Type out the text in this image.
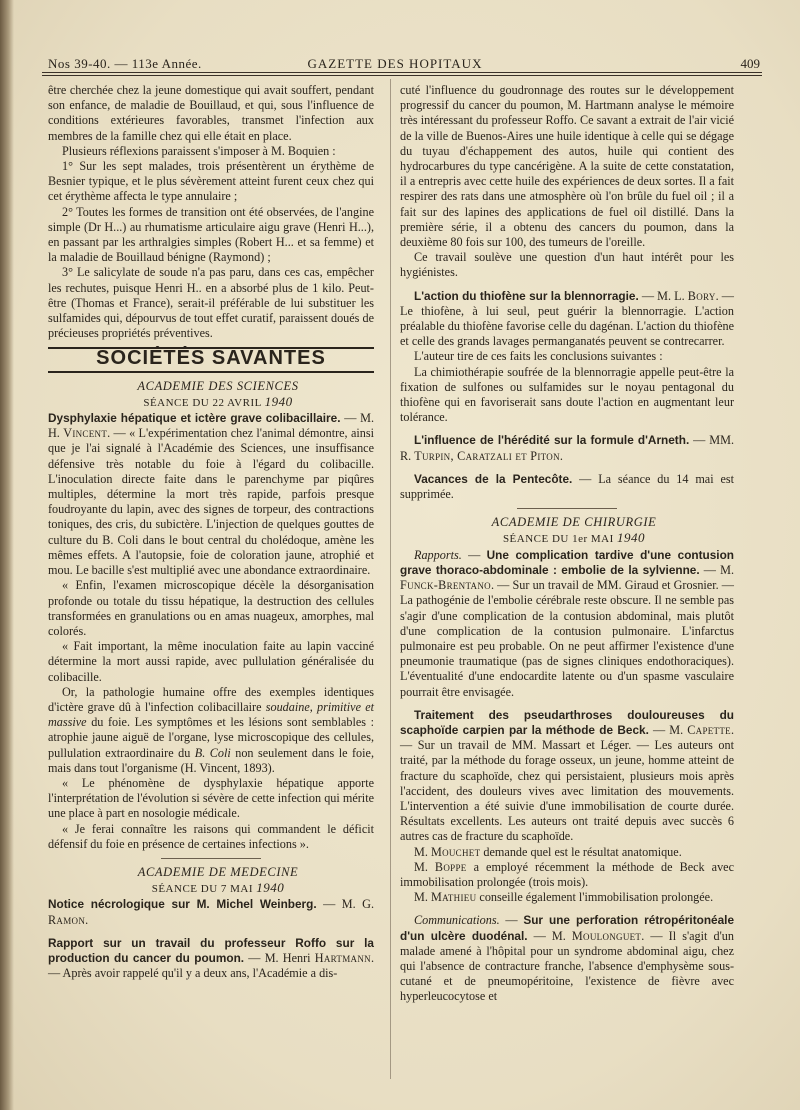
Nos 39-40. — 113e Année.	GAZETTE DES HOPITAUX	409

être cherchée chez la jeune domestique qui avait souffert, pendant son enfance, de maladie de Bouillaud, et qui, sous l'influence de conditions extérieures favorables, transmet l'infection aux membres de la famille chez qui elle était en place.

Plusieurs réflexions paraissent s'imposer à M. Boquien :

1° Sur les sept malades, trois présentèrent un érythème de Besnier typique, et le plus sévèrement atteint furent ceux chez qui cet érythème affecta le type annulaire ;

2° Toutes les formes de transition ont été observées, de l'angine simple (Dr H...) au rhumatisme articulaire aigu grave (Henri H...), en passant par les arthralgies simples (Robert H... et sa femme) et la maladie de Bouillaud bénigne (Raymond) ;

3° Le salicylate de soude n'a pas paru, dans ces cas, empêcher les rechutes, puisque Henri H.. en a absorbé plus de 1 kilo. Peut-être (Thomas et France), serait-il préférable de lui substituer les sulfamides qui, dépourvus de tout effet curatif, paraissent doués de précieuses propriétés préventives.

SOCIÉTÉS SAVANTES

ACADEMIE DES SCIENCES

SÉANCE DU 22 AVRIL 1940

Dysphylaxie hépatique et ictère grave colibacillaire. — M. H. Vincent. — « L'expérimentation chez l'animal démontre, ainsi que je l'ai signalé à l'Académie des Sciences, une insuffisance défensive très notable du foie à l'égard du colibacille. L'inoculation directe faite dans le parenchyme par piqûres multiples, détermine la mort très rapide, parfois presque foudroyante du lapin, avec des signes de torpeur, des contractions toniques, des cris, du subictère. L'injection de quelques gouttes de culture du B. Coli dans le bout central du cholédoque, amène les mêmes effets. A l'autopsie, foie de coloration jaune, atrophié et mou. Le bacille s'est multiplié avec une abondance extraordinaire.

« Enfin, l'examen microscopique décèle la désorganisation profonde ou totale du tissu hépatique, la destruction des cellules transformées en granulations ou en amas nuageux, amorphes, mal colorés.

« Fait important, la même inoculation faite au lapin vacciné détermine la mort aussi rapide, avec pullulation généralisée du colibacille.

Or, la pathologie humaine offre des exemples identiques d'ictère grave dû à l'infection colibacillaire soudaine, primitive et massive du foie. Les symptômes et les lésions sont semblables : atrophie jaune aiguë de l'organe, lyse microscopique des cellules, pullulation extraordinaire du B. Coli non seulement dans le foie, mais dans tout l'organisme (H. Vincent, 1893).

« Le phénomène de dysphylaxie hépatique apporte l'interprétation de l'évolution si sévère de cette infection qui mérite une place à part en nosologie médicale.

« Je ferai connaître les raisons qui commandent le déficit défensif du foie en présence de certaines infections ».

ACADEMIE DE MEDECINE

SÉANCE DU 7 MAI 1940

Notice nécrologique sur M. Michel Weinberg. — M. G. Ramon.

Rapport sur un travail du professeur Roffo sur la production du cancer du poumon. — M. Henri Hartmann. — Après avoir rappelé qu'il y a deux ans, l'Académie a dis-

cuté l'influence du goudronnage des routes sur le développement progressif du cancer du poumon, M. Hartmann analyse le mémoire très intéressant du professeur Roffo. Ce savant a extrait de l'air vicié de la ville de Buenos-Aires une huile identique à celle qui se dégage du tuyau d'échappement des autos, huile qui contient des hydrocarbures du type cancérigène. A la suite de cette constatation, il a entrepris avec cette huile des expériences de deux sortes. Il a fait respirer des rats dans une atmosphère où l'on brûle du fuel oil ; il a fait sur des lapines des applications de fuel oil distillé. Dans la première série, il a obtenu des cancers du poumon, dans la deuxième 80 fois sur 100, des tumeurs de l'oreille.

Ce travail soulève une question d'un haut intérêt pour les hygiénistes.

L'action du thiofène sur la blennorragie. — M. L. Bory. — Le thiofène, à lui seul, peut guérir la blennorragie. L'action préalable du thiofène favorise celle du dagénan. L'action du thiofène et celle des grands lavages permanganatés peuvent se contrecarrer.

L'auteur tire de ces faits les conclusions suivantes :

La chimiothérapie soufrée de la blennorragie appelle peut-être la fixation de sulfones ou sulfamides sur le noyau pentagonal du thiofène qui en favoriserait sans doute l'action en augmentant leur tolérance.

L'influence de l'hérédité sur la formule d'Arneth. — MM. R. Turpin, Caratzali et Piton.

Vacances de la Pentecôte. — La séance du 14 mai est supprimée.

ACADEMIE DE CHIRURGIE

SÉANCE DU 1er MAI 1940

Rapports. — Une complication tardive d'une contusion grave thoraco-abdominale : embolie de la sylvienne. — M. Funck-Brentano. — Sur un travail de MM. Giraud et Grosnier. — La pathogénie de l'embolie cérébrale reste obscure. Il ne semble pas s'agir d'une complication de la contusion abdominal, mais plutôt d'une complication de la contusion pulmonaire. L'infarctus pulmonaire est peu probable. On ne peut affirmer l'existence d'une pneumonie traumatique (pas de signes cliniques endothoraciques). L'éventualité d'une endocardite latente ou d'un spasme vasculaire pourrait être envisagée.

Traitement des pseudarthroses douloureuses du scaphoïde carpien par la méthode de Beck. — M. Capette. — Sur un travail de MM. Massart et Léger. — Les auteurs ont traité, par la méthode du forage osseux, un jeune, homme atteint de fracture du scaphoïde, chez qui persistaient, plusieurs mois après l'accident, des douleurs vives avec limitation des mouvements. L'intervention a été suivie d'une immobilisation de courte durée. Résultats excellents. Les auteurs ont traité depuis avec succès 6 autres cas de fracture du scaphoïde.

M. Mouchet demande quel est le résultat anatomique.

M. Boppe a employé récemment la méthode de Beck avec immobilisation prolongée (trois mois).

M. Mathieu conseille également l'immobilisation prolongée.

Communications. — Sur une perforation rétropéritonéale d'un ulcère duodénal. — M. Moulonguet. — Il s'agit d'un malade amené à l'hôpital pour un syndrome abdominal aigu, chez qui l'absence de contracture franche, l'absence d'emphysème sous-cutané et de pneumopéritoine, l'existence de fièvre avec hyperleucocytose et
